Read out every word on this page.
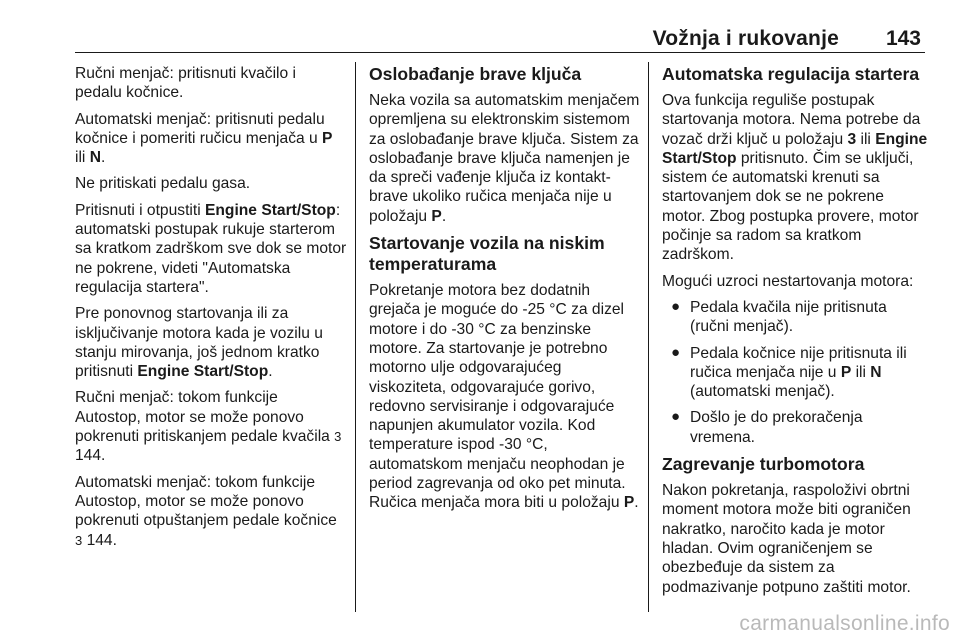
Vožnja i rukovanje 143

Ručni menjač: pritisnuti kvačilo i pedalu kočnice.

Automatski menjač: pritisnuti pedalu kočnice i pomeriti ručicu menjača u P ili N.

Ne pritiskati pedalu gasa.

Pritisnuti i otpustiti Engine Start/Stop: automatski postupak rukuje starterom sa kratkom zadrškom sve dok se motor ne pokrene, videti "Automatska regulacija startera".

Pre ponovnog startovanja ili za isključivanje motora kada je vozilu u stanju mirovanja, još jednom kratko pritisnuti Engine Start/Stop.

Ručni menjač: tokom funkcije Autostop, motor se može ponovo pokrenuti pritiskanjem pedale kvačila 3 144.

Automatski menjač: tokom funkcije Autostop, motor se može ponovo pokrenuti otpuštanjem pedale kočnice 3 144.

Oslobađanje brave ključa

Neka vozila sa automatskim menjačem opremljena su elektronskim sistemom za oslobađanje brave ključa. Sistem za oslobađanje brave ključa namenjen je da spreči vađenje ključa iz kontakt-brave ukoliko ručica menjača nije u položaju P.

Startovanje vozila na niskim temperaturama

Pokretanje motora bez dodatnih grejača je moguće do -25 °C za dizel motore i do -30 °C za benzinske motore. Za startovanje je potrebno motorno ulje odgovarajućeg viskoziteta, odgovarajuće gorivo, redovno servisiranje i odgovarajuće napunjen akumulator vozila. Kod temperature ispod -30 °C, automatskom menjaču neophodan je period zagrevanja od oko pet minuta. Ručica menjača mora biti u položaju P.

Automatska regulacija startera

Ova funkcija reguliše postupak startovanja motora. Nema potrebe da vozač drži ključ u položaju 3 ili Engine Start/Stop pritisnuto. Čim se uključi, sistem će automatski krenuti sa startovanjem dok se ne pokrene motor. Zbog postupka provere, motor počinje sa radom sa kratkom zadrškom.

Mogući uzroci nestartovanja motora:

● Pedala kvačila nije pritisnuta (ručni menjač).
● Pedala kočnice nije pritisnuta ili ručica menjača nije u P ili N (automatski menjač).
● Došlo je do prekoračenja vremena.
Zagrevanje turbomotora

Nakon pokretanja, raspoloživi obrtni moment motora može biti ograničen nakratko, naročito kada je motor hladan. Ovim ograničenjem se obezbeđuje da sistem za podmazivanje potpuno zaštiti motor.

carmanualsonline.info
